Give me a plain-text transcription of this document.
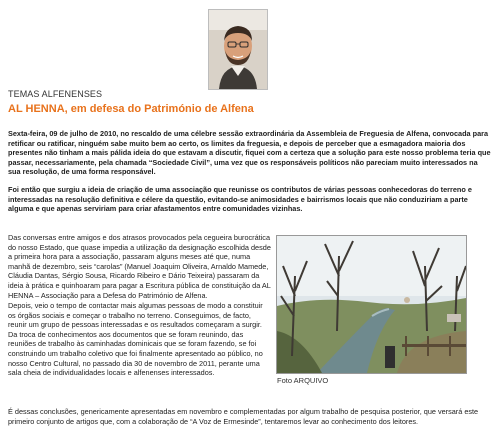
TEMAS ALFENENSES
AL HENNA, em defesa do Património de Alfena

Sexta-feira, 09 de julho de 2010, no rescaldo de uma célebre sessão extraordinária da Assembleia de Freguesia de Alfena, convocada para retificar ou ratificar, ninguém sabe muito bem ao certo, os limites da freguesia, e depois de perceber que a esmagadora maioria dos presentes não tinham a mais pálida ideia do que estavam a discutir, fiquei com a certeza que a solução para este nosso problema teria que passar, necessariamente, pela chamada “Sociedade Civil”, uma vez que os responsáveis políticos não pareciam muito interessados na sua resolução, de uma forma responsável.

Foi então que surgiu a ideia de criação de uma associação que reunisse os contributos de várias pessoas conhecedoras do terreno e interessadas na resolução definitiva e célere da questão, evitando-se animosidades e bairrismos locais que não conduziriam a parte alguma e que apenas serviriam para criar afastamentos entre comunidades vizinhas.

Das conversas entre amigos e dos atrasos provocados pela cegueira burocrática do nosso Estado, que quase impedia a utilização da designação escolhida desde a primeira hora para a associação, passaram alguns meses até que, numa manhã de dezembro, seis “carolas” (Manuel Joaquim Oliveira, Arnaldo Mamede, Cláudia Dantas, Sérgio Sousa, Ricardo Ribeiro e Dário Teixeira) passaram da ideia à prática e quinhoaram para pagar a Escritura pública de constituição da AL HENNA – Associação para a Defesa do Património de Alfena.

Depois, veio o tempo de contactar mais algumas pessoas de modo a constituir os órgãos sociais e começar o trabalho no terreno. Conseguimos, de facto, reunir um grupo de pessoas interessadas e os resultados começaram a surgir. Da troca de conhecimentos aos documentos que se foram reunindo, das reuniões de trabalho às caminhadas dominicais que se foram fazendo, se foi construindo um trabalho coletivo que foi finalmente apresentado ao público, no nosso Centro Cultural, no passado dia 30 de novembro de 2011, perante uma sala cheia de individualidades locais e alfenenses interessados.

É dessas conclusões, genericamente apresentadas em novembro e complementadas por algum trabalho de pesquisa posterior, que versará este primeiro conjunto de artigos que, com a colaboração de “A Voz de Ermesinde”, tentaremos levar ao conhecimento dos leitores.

Foto ARQUIVO
